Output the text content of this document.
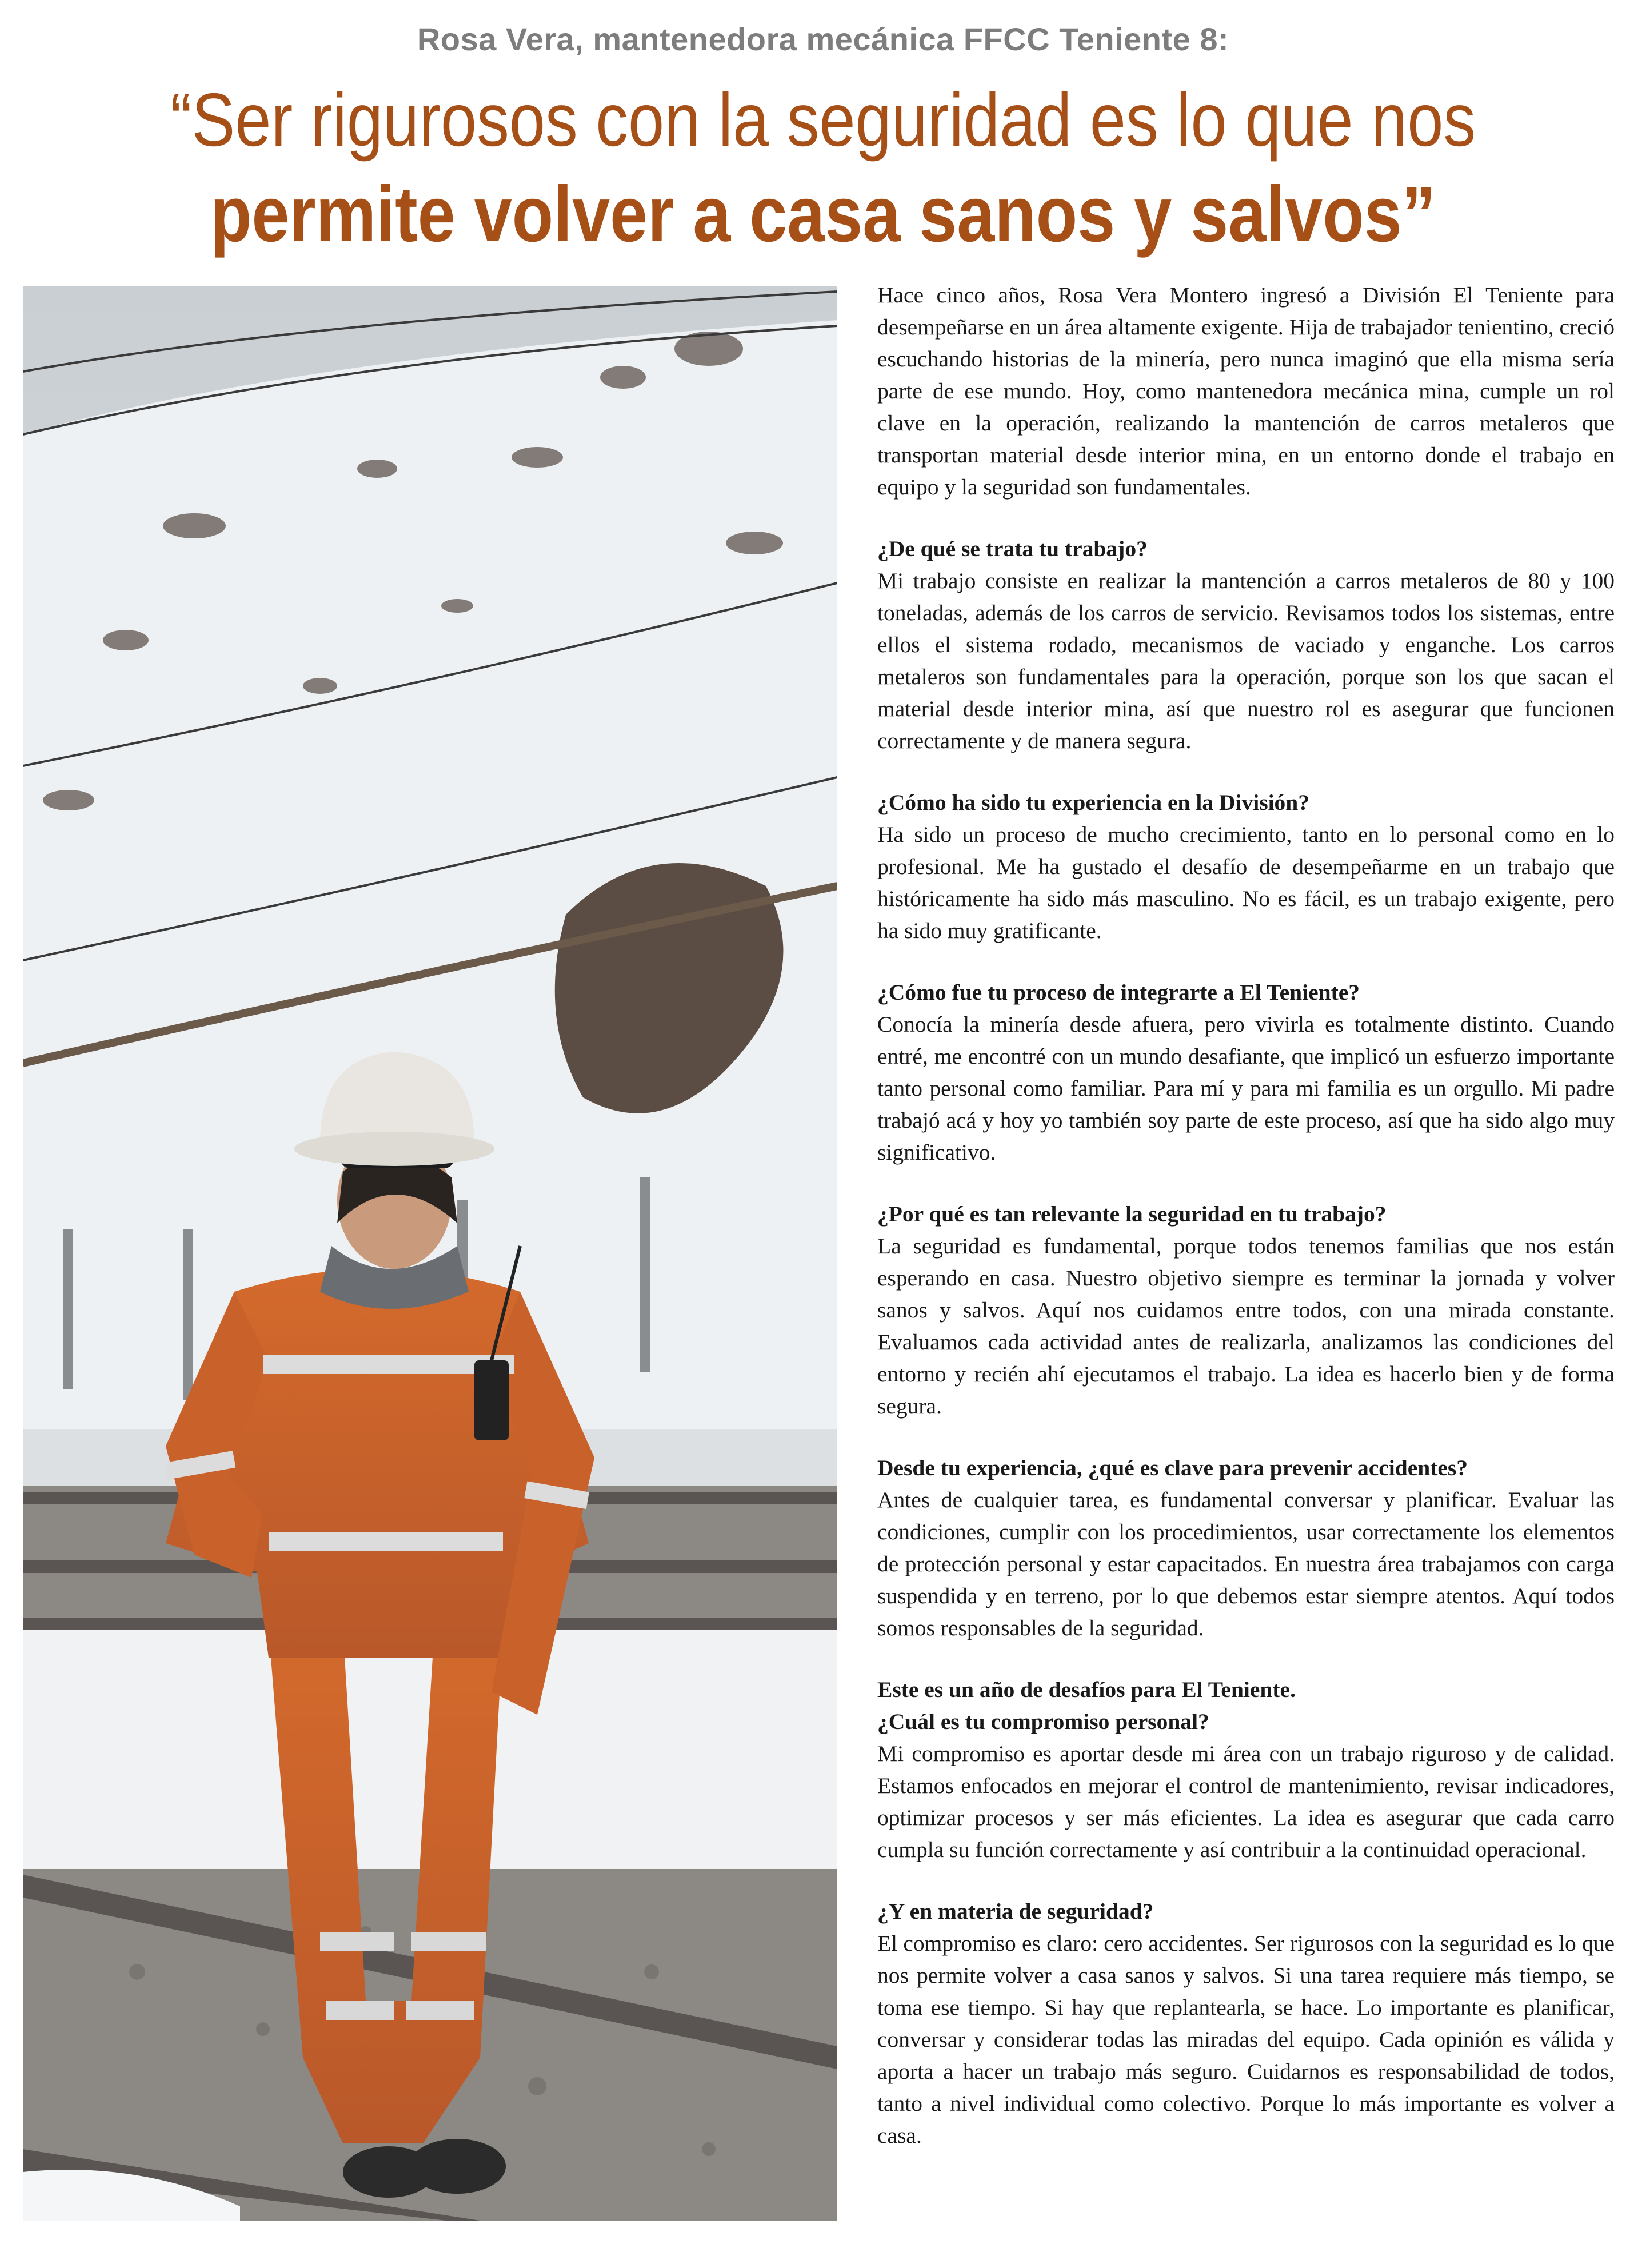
Rosa Vera, mantenedora mecánica FFCC Teniente 8:
“Ser rigurosos con la seguridad es lo que nos
permite volver a casa sanos y salvos”

Hace cinco años, Rosa Vera Montero ingresó a División El Teniente para desempeñarse en un área altamente exigente. Hija de trabajador tenientino, creció escuchando historias de la minería, pero nunca imaginó que ella misma sería parte de ese mundo. Hoy, como mantenedora mecánica mina, cumple un rol clave en la operación, realizando la mantención de carros metaleros que transportan material desde interior mina, en un entorno donde el trabajo en equipo y la seguridad son fundamentales.

¿De qué se trata tu trabajo?

Mi trabajo consiste en realizar la mantención a carros metaleros de 80 y 100 toneladas, además de los carros de servicio. Revisamos todos los sistemas, entre ellos el sistema rodado, mecanismos de vaciado y enganche. Los carros metaleros son fundamentales para la operación, porque son los que sacan el material desde interior mina, así que nuestro rol es asegurar que funcionen correctamente y de manera segura.

¿Cómo ha sido tu experiencia en la División?

Ha sido un proceso de mucho crecimiento, tanto en lo personal como en lo profesional. Me ha gustado el desafío de desempeñarme en un trabajo que históricamente ha sido más masculino. No es fácil, es un trabajo exigente, pero ha sido muy gratificante.

¿Cómo fue tu proceso de integrarte a El Teniente?

Conocía la minería desde afuera, pero vivirla es totalmente distinto. Cuando entré, me encontré con un mundo desafiante, que implicó un esfuerzo importante tanto personal como familiar. Para mí y para mi familia es un orgullo. Mi padre trabajó acá y hoy yo también soy parte de este proceso, así que ha sido algo muy significativo.

¿Por qué es tan relevante la seguridad en tu trabajo?

La seguridad es fundamental, porque todos tenemos familias que nos están esperando en casa. Nuestro objetivo siempre es terminar la jornada y volver sanos y salvos. Aquí nos cuidamos entre todos, con una mirada constante. Evaluamos cada actividad antes de realizarla, analizamos las condiciones del entorno y recién ahí ejecutamos el trabajo. La idea es hacerlo bien y de forma segura.

Desde tu experiencia, ¿qué es clave para prevenir accidentes?

Antes de cualquier tarea, es fundamental conversar y planificar. Evaluar las condiciones, cumplir con los procedimientos, usar correctamente los elementos de protección personal y estar capacitados. En nuestra área trabajamos con carga suspendida y en terreno, por lo que debemos estar siempre atentos. Aquí todos somos responsables de la seguridad.

Este es un año de desafíos para El Teniente.

¿Cuál es tu compromiso personal?

Mi compromiso es aportar desde mi área con un trabajo riguroso y de calidad. Estamos enfocados en mejorar el control de mantenimiento, revisar indicadores, optimizar procesos y ser más eficientes. La idea es asegurar que cada carro cumpla su función correctamente y así contribuir a la continuidad operacional.

¿Y en materia de seguridad?

El compromiso es claro: cero accidentes. Ser rigurosos con la seguridad es lo que nos permite volver a casa sanos y salvos. Si una tarea requiere más tiempo, se toma ese tiempo. Si hay que replantearla, se hace. Lo importante es planificar, conversar y considerar todas las miradas del equipo. Cada opinión es válida y aporta a hacer un trabajo más seguro. Cuidarnos es responsabilidad de todos, tanto a nivel individual como colectivo. Porque lo más importante es volver a casa.
